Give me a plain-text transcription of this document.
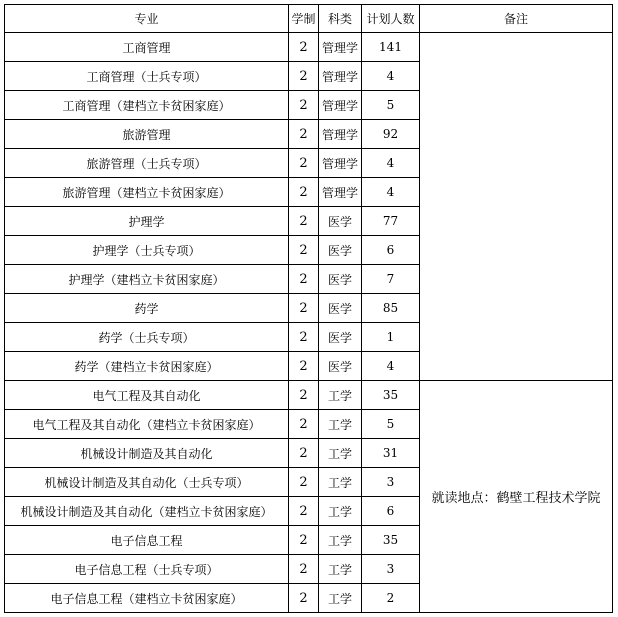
专业	学制	科类	计划人数	备注
工商管理	2	管理学	141	
工商管理（士兵专项）	2	管理学	4	
工商管理（建档立卡贫困家庭）	2	管理学	5	
旅游管理	2	管理学	92	
旅游管理（士兵专项）	2	管理学	4	
旅游管理（建档立卡贫困家庭）	2	管理学	4	
护理学	2	医学	77	
护理学（士兵专项）	2	医学	6	
护理学（建档立卡贫困家庭）	2	医学	7	
药学	2	医学	85	
药学（士兵专项）	2	医学	1	
药学（建档立卡贫困家庭）	2	医学	4	
电气工程及其自动化	2	工学	35	就读地点：鹤壁工程技术学院
电气工程及其自动化（建档立卡贫困家庭）	2	工学	5	
机械设计制造及其自动化	2	工学	31	
机械设计制造及其自动化（士兵专项）	2	工学	3	
机械设计制造及其自动化（建档立卡贫困家庭）	2	工学	6	
电子信息工程	2	工学	35	
电子信息工程（士兵专项）	2	工学	3	
电子信息工程（建档立卡贫困家庭）	2	工学	2	
